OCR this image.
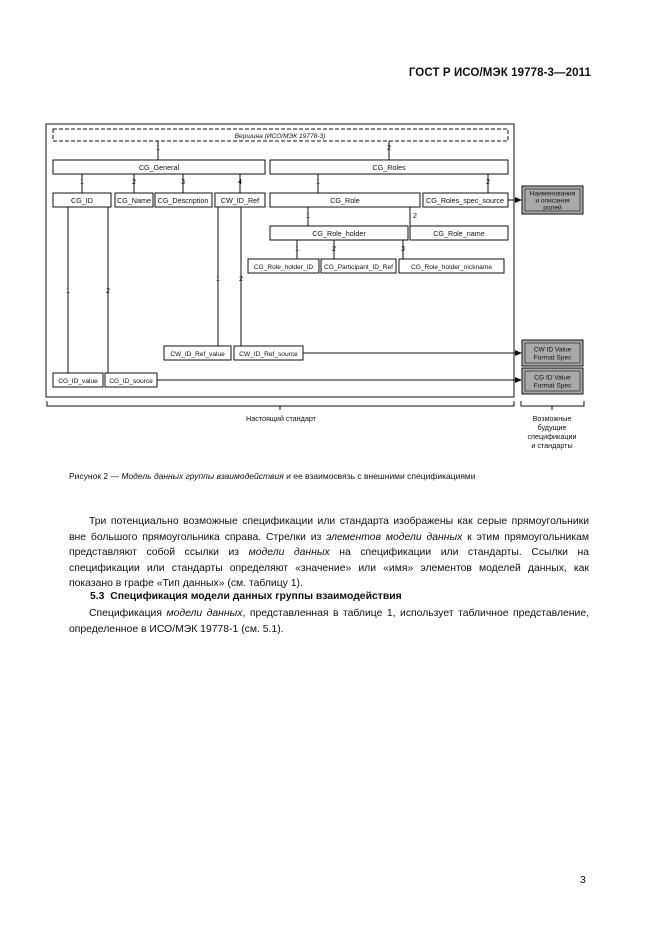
ГОСТ Р ИСО/МЭК 19778-3—2011
Вершина (ИСО/МЭК 19778-3)
1	2
CG_General	CG_Roles
1	2	3	4	1	2
CG_ID	CG_Name CG_Description CW_ID_Ref	CG_Role	CG_Roles_spec_source
1	2
CG_Role_holder	CG_Role_name
1	2	3
CG_Role_holder_ID CG_Participant_ID_Ref	CG_Role_holder_nickname
1	2
CW_ID_Ref_value CW_ID_Ref_source
1	2
CG_ID_value CG_ID_source
Наименования
и описания
ролей
CW ID Value
Format Spec
CG ID Value
Format Spec
Настоящий стандарт	Возможные
будущие
спецификации
и стандарты
Рисунок 2 — Модель данных группы взаимодействия и ее взаимосвязь с внешними спецификациями

Три потенциально возможные спецификации или стандарта изображены как серые прямоугольники вне большого прямоугольника справа. Стрелки из элементов модели данных к этим прямоугольникам представляют собой ссылки из модели данных на спецификации или стандарты. Ссылки на спецификации или стандарты определяют «значение» или «имя» элементов моделей данных, как показано в графе «Тип данных» (см. таблицу 1).

5.3 Спецификация модели данных группы взаимодействия

Спецификация модели данных, представленная в таблице 1, использует табличное представление, определенное в ИСО/МЭК 19778-1 (см. 5.1).

3
